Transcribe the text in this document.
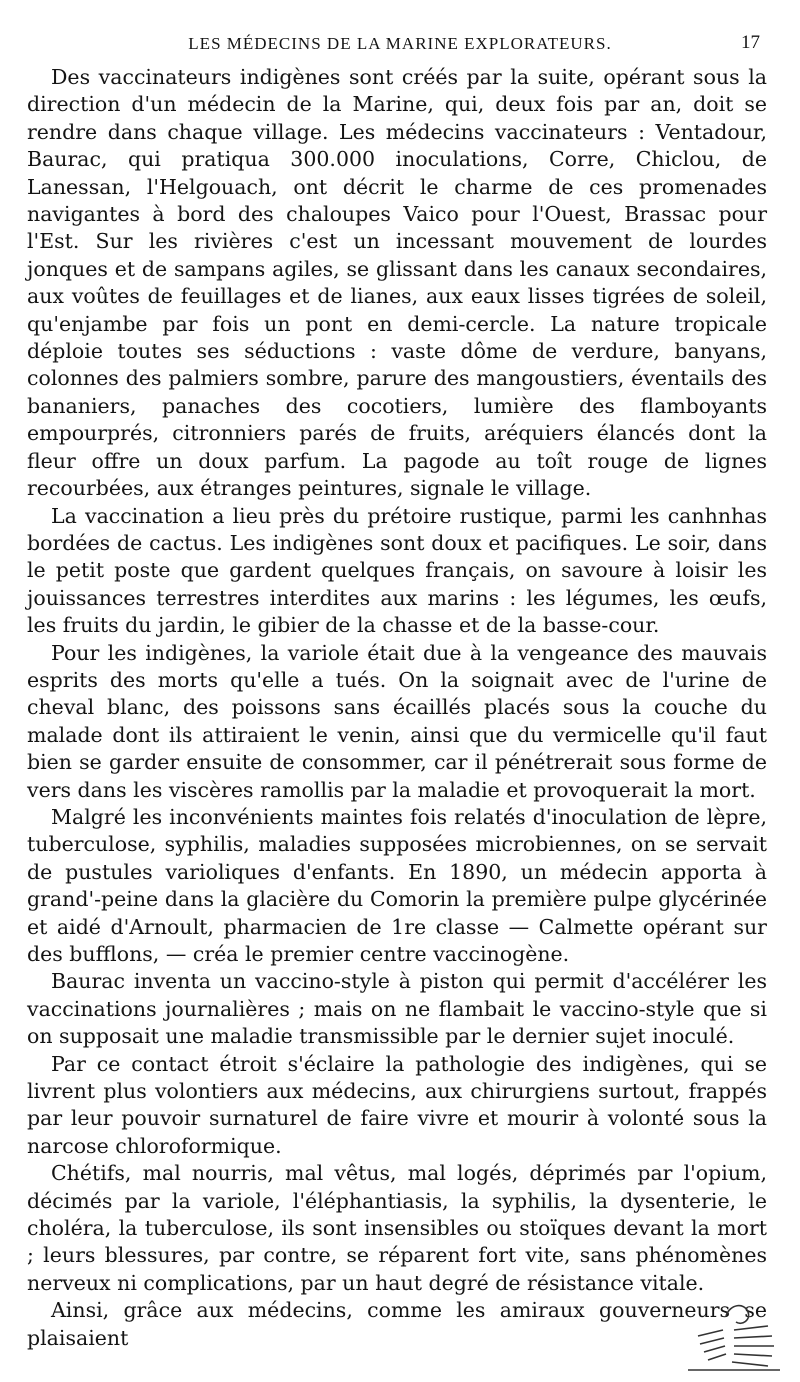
LES MÉDECINS DE LA MARINE EXPLORATEURS.	17

Des vaccinateurs indigènes sont créés par la suite, opérant sous la direction d'un médecin de la Marine, qui, deux fois par an, doit se rendre dans chaque village. Les médecins vaccinateurs : Ventadour, Baurac, qui pratiqua 300.000 inoculations, Corre, Chiclou, de Lanessan, l'Helgouach, ont décrit le charme de ces promenades navigantes à bord des chaloupes Vaico pour l'Ouest, Brassac pour l'Est. Sur les rivières c'est un incessant mouvement de lourdes jonques et de sampans agiles, se glissant dans les canaux secondaires, aux voûtes de feuillages et de lianes, aux eaux lisses tigrées de soleil, qu'enjambe par fois un pont en demi-cercle. La nature tropicale déploie toutes ses séductions : vaste dôme de verdure, banyans, colonnes des palmiers sombre, parure des mangoustiers, éventails des bananiers, panaches des cocotiers, lumière des flamboyants empourprés, citronniers parés de fruits, aréquiers élancés dont la fleur offre un doux parfum. La pagode au toît rouge de lignes recourbées, aux étranges peintures, signale le village.

La vaccination a lieu près du prétoire rustique, parmi les canhnhas bordées de cactus. Les indigènes sont doux et pacifiques. Le soir, dans le petit poste que gardent quelques français, on savoure à loisir les jouissances terrestres interdites aux marins : les légumes, les œufs, les fruits du jardin, le gibier de la chasse et de la basse-cour.

Pour les indigènes, la variole était due à la vengeance des mauvais esprits des morts qu'elle a tués. On la soignait avec de l'urine de cheval blanc, des poissons sans écaillés placés sous la couche du malade dont ils attiraient le venin, ainsi que du vermicelle qu'il faut bien se garder ensuite de consommer, car il pénétrerait sous forme de vers dans les viscères ramollis par la maladie et provoquerait la mort.

Malgré les inconvénients maintes fois relatés d'inoculation de lèpre, tuberculose, syphilis, maladies supposées microbiennes, on se servait de pustules varioliques d'enfants. En 1890, un médecin apporta à grand'-peine dans la glacière du Comorin la première pulpe glycérinée et aidé d'Arnoult, pharmacien de 1re classe — Calmette opérant sur des bufflons, — créa le premier centre vaccinogène.

Baurac inventa un vaccino-style à piston qui permit d'accélérer les vaccinations journalières ; mais on ne flambait le vaccino-style que si on supposait une maladie transmissible par le dernier sujet inoculé.

Par ce contact étroit s'éclaire la pathologie des indigènes, qui se livrent plus volontiers aux médecins, aux chirurgiens surtout, frappés par leur pouvoir surnaturel de faire vivre et mourir à volonté sous la narcose chloroformique.

Chétifs, mal nourris, mal vêtus, mal logés, déprimés par l'opium, décimés par la variole, l'éléphantiasis, la syphilis, la dysenterie, le choléra, la tuberculose, ils sont insensibles ou stoïques devant la mort ; leurs blessures, par contre, se réparent fort vite, sans phénomènes nerveux ni complications, par un haut degré de résistance vitale.

Ainsi, grâce aux médecins, comme les amiraux gouverneurs se plaisaient
